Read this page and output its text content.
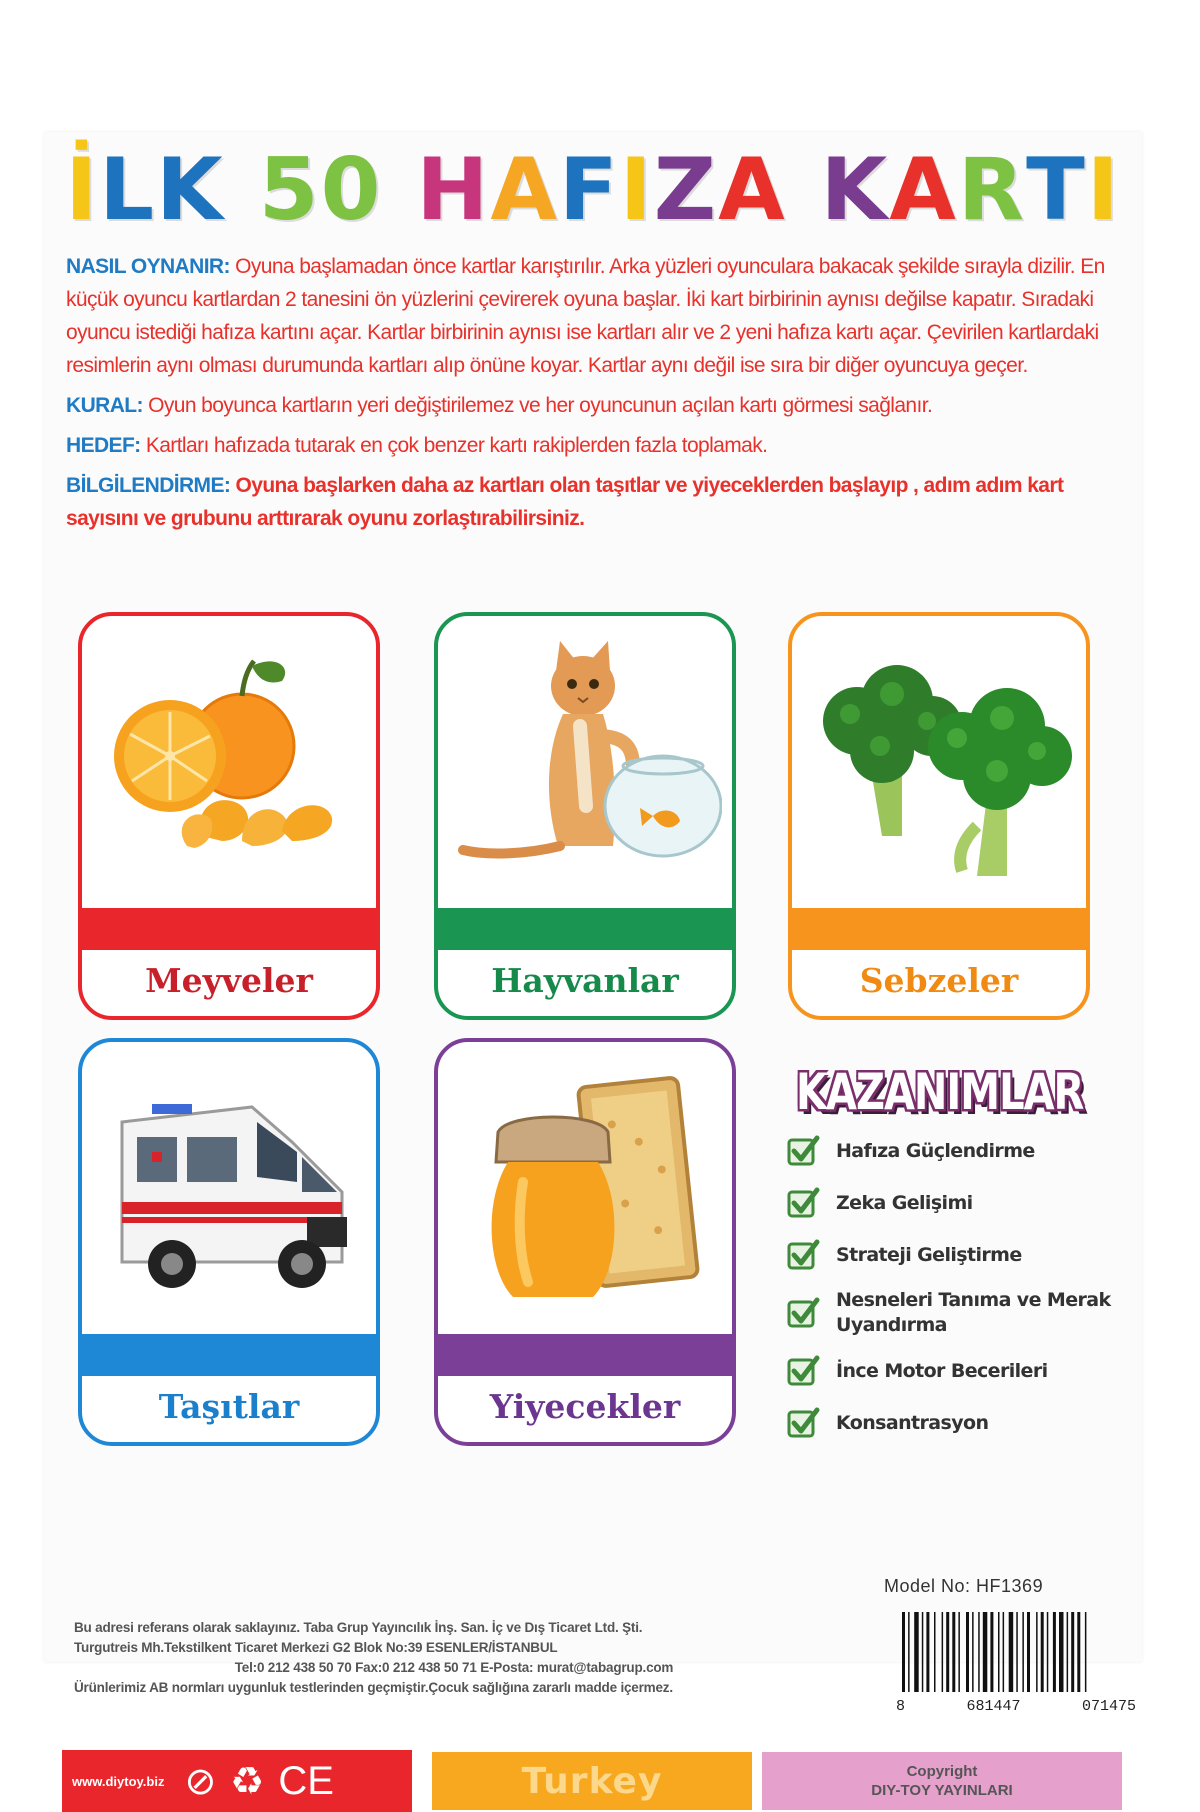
İ L K 5 0 H A F I Z A K A R T I

NASIL OYNANIR: Oyuna başlamadan önce kartlar karıştırılır. Arka yüzleri oyunculara bakacak şekilde sırayla dizilir. En küçük oyuncu kartlardan 2 tanesini ön yüzlerini çevirerek oyuna başlar. İki kart birbirinin aynısı değilse kapatır. Sıradaki oyuncu istediği hafıza kartını açar. Kartlar birbirinin aynısı ise kartları alır ve 2 yeni hafıza kartı açar. Çevirilen kartlardaki resimlerin aynı olması durumunda kartları alıp önüne koyar. Kartlar aynı değil ise sıra bir diğer oyuncuya geçer.

KURAL: Oyun boyunca kartların yeri değiştirilemez ve her oyuncunun açılan kartı görmesi sağlanır.

HEDEF: Kartları hafızada tutarak en çok benzer kartı rakiplerden fazla toplamak.

BİLGİLENDİRME: Oyuna başlarken daha az kartları olan taşıtlar ve yiyeceklerden başlayıp , adım adım kart sayısını ve grubunu arttırarak oyunu zorlaştırabilirsiniz.

Meyveler	Hayvanlar	Sebzeler
Taşıtlar	Yiyecekler
KAZANIMLAR
Hafıza Güçlendirme
Zeka Gelişimi
Strateji Geliştirme
Nesneleri Tanıma ve Merak Uyandırma
İnce Motor Becerileri
Konsantrasyon
Model No: HF1369
Bu adresi referans olarak saklayınız. Taba Grup Yayıncılık İnş. San. İç ve Dış Ticaret Ltd. Şti.
Turgutreis Mh.Tekstilkent Ticaret Merkezi G2 Blok No:39 ESENLER/İSTANBUL
Tel:0 212 438 50 70 Fax:0 212 438 50 71 E-Posta: murat@tabagrup.com
Ürünlerimiz AB normları uygunluk testlerinden geçmiştir.Çocuk sağlığına zararlı madde içermez.
8	681447	071475
www.diytoy.biz ⊘ ♻ CE	Turkey	Copyright
DIY-TOY YAYINLARI
